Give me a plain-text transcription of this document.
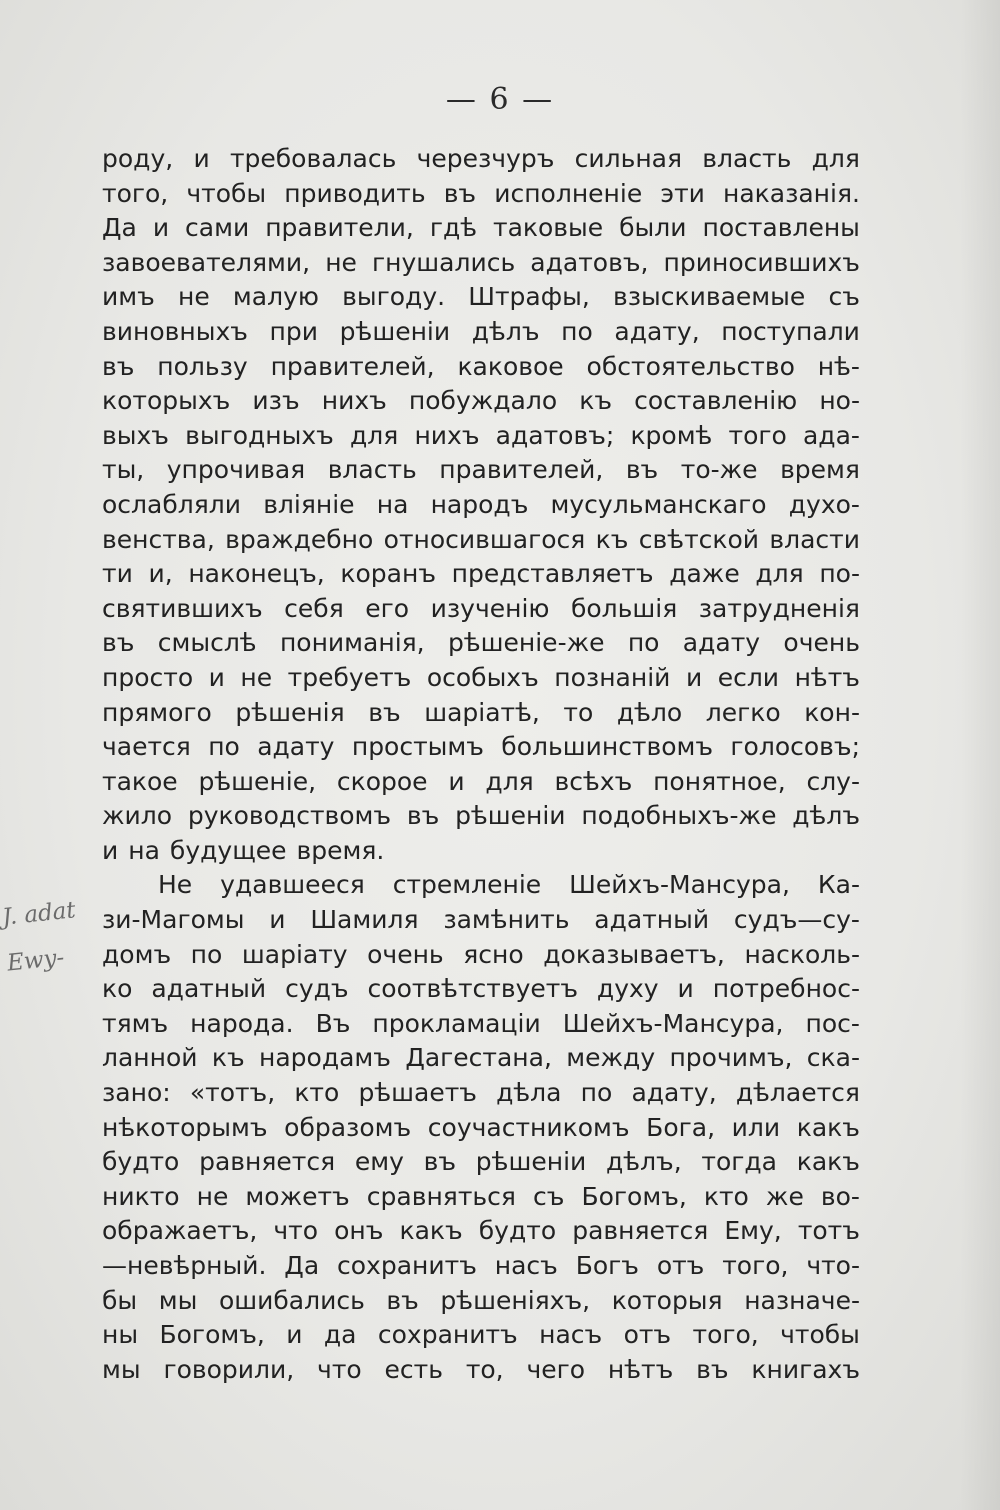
— 6 —
J. adat
Ewy-
роду, и требовалась черезчуръ сильная власть для
того, чтобы приводить въ исполненіе эти наказанія.
Да и сами правители, гдѣ таковые были поставлены
завоевателями, не гнушались адатовъ, приносившихъ
имъ не малую выгоду. Штрафы, взыскиваемые съ
виновныхъ при рѣшеніи дѣлъ по адату, поступали
въ пользу правителей, каковое обстоятельство нѣ-
которыхъ изъ нихъ побуждало къ составленію но-
выхъ выгодныхъ для нихъ адатовъ; кромѣ того ада-
ты, упрочивая власть правителей, въ то-же время
ослабляли вліяніе на народъ мусульманскаго духо-
венства, враждебно относившагося къ свѣтской власти
ти и, наконецъ, коранъ представляетъ даже для по-
святившихъ себя его изученію большія затрудненія
въ смыслѣ пониманія, рѣшеніе-же по адату очень
просто и не требуетъ особыхъ познаній и если нѣтъ
прямого рѣшенія въ шаріатѣ, то дѣло легко кон-
чается по адату простымъ большинствомъ голосовъ;
такое рѣшеніе, скорое и для всѣхъ понятное, слу-
жило руководствомъ въ рѣшеніи подобныхъ-же дѣлъ
и на будущее время.
Не удавшееся стремленіе Шейхъ-Мансура, Ка-
зи-Магомы и Шамиля замѣнить адатный судъ—су-
домъ по шаріату очень ясно доказываетъ, насколь-
ко адатный судъ соотвѣтствуетъ духу и потребнос-
тямъ народа. Въ прокламаціи Шейхъ-Мансура, пос-
ланной къ народамъ Дагестана, между прочимъ, ска-
зано: «тотъ, кто рѣшаетъ дѣла по адату, дѣлается
нѣкоторымъ образомъ соучастникомъ Бога, или какъ
будто равняется ему въ рѣшеніи дѣлъ, тогда какъ
никто не можетъ сравняться съ Богомъ, кто же во-
ображаетъ, что онъ какъ будто равняется Ему, тотъ
—невѣрный. Да сохранитъ насъ Богъ отъ того, что-
бы мы ошибались въ рѣшеніяхъ, которыя назначе-
ны Богомъ, и да сохранитъ насъ отъ того, чтобы
мы говорили, что есть то, чего нѣтъ въ книгахъ
